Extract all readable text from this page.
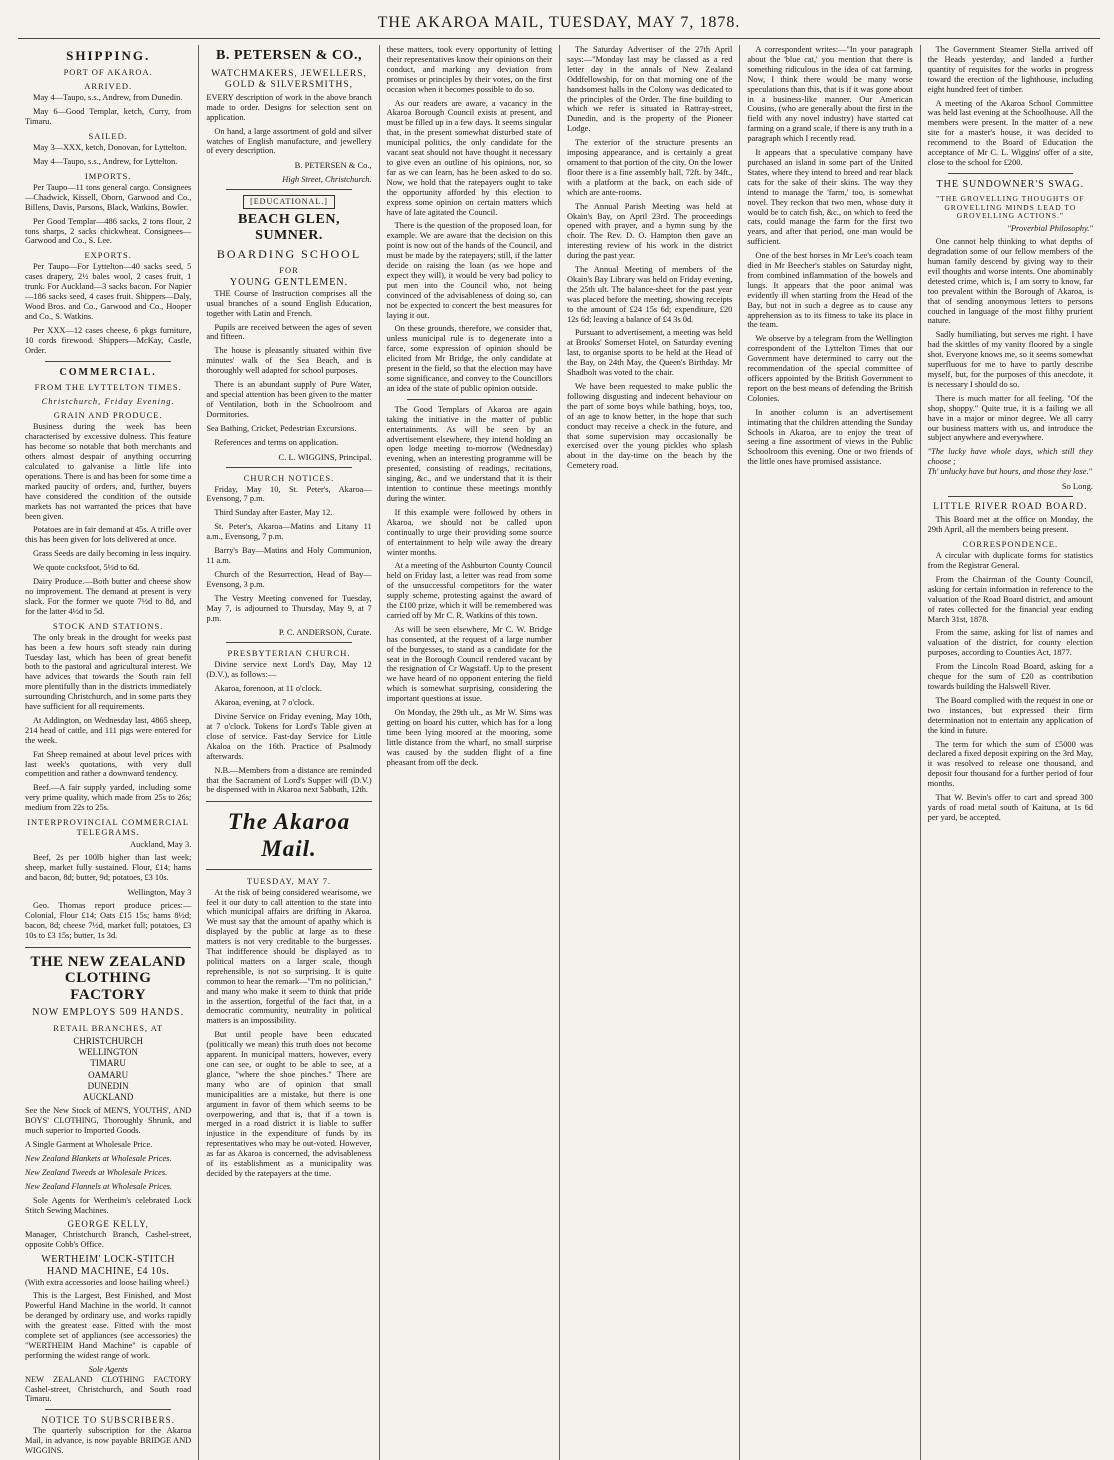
THE AKAROA MAIL, TUESDAY, MAY 7, 1878.
SHIPPING.
PORT OF AKAROA.
ARRIVED.

May 4—Taupo, s.s., Andrew, from Dunedin.

May 6—Good Templar, ketch, Curry, from Timaru.

SAILED.

May 3—XXX, ketch, Donovan, for Lyttelton.

May 4—Taupo, s.s., Andrew, for Lyttelton.

IMPORTS.

Per Taupo—11 tons general cargo. Consignees—Chadwick, Kissell, Oborn, Garwood and Co., Billens, Davis, Parsons, Black, Watkins, Bowler.

Per Good Templar—486 sacks, 2 tons flour, 2 tons sharps, 2 sacks chickwheat. Consignees—Garwood and Co., S. Lee.

EXPORTS.

Per Taupo—For Lyttelton—40 sacks seed, 5 cases drapery, 2½ bales wool, 2 cases fruit, 1 trunk. For Auckland—3 sacks bacon. For Napier—186 sacks seed, 4 cases fruit. Shippers—Daly, Wood Bros. and Co., Garwood and Co., Hooper and Co., S. Watkins.

Per XXX—12 cases cheese, 6 pkgs furniture, 10 cords firewood. Shippers—McKay, Castle, Order.

COMMERCIAL.
FROM THE LYTTELTON TIMES.
Christchurch, Friday Evening.
GRAIN AND PRODUCE.

Business during the week has been characterised by excessive dulness. This feature has become so notable that both merchants and others almost despair of anything occurring calculated to galvanise a little life into operations. There is and has been for some time a marked paucity of orders, and, further, buyers have considered the condition of the outside markets has not warranted the prices that have been given.

Potatoes are in fair demand at 45s. A trifle over this has been given for lots delivered at once.

Grass Seeds are daily becoming in less inquiry.

We quote cocksfoot, 5½d to 6d.

Dairy Produce.—Both butter and cheese show no improvement. The demand at present is very slack. For the former we quote 7½d to 8d, and for the latter 4½d to 5d.

STOCK AND STATIONS.

The only break in the drought for weeks past has been a few hours soft steady rain during Tuesday last, which has been of great benefit both to the pastoral and agricultural interest. We have advices that towards the South rain fell more plentifully than in the districts immediately surrounding Christchurch, and in some parts they have sufficient for all requirements.

At Addington, on Wednesday last, 4865 sheep, 214 head of cattle, and 111 pigs were entered for the week.

Fat Sheep remained at about level prices with last week's quotations, with very dull competition and rather a downward tendency.

Beef.—A fair supply yarded, including some very prime quality, which made from 25s to 26s; medium from 22s to 25s.

INTERPROVINCIAL COMMERCIAL TELEGRAMS.
Auckland, May 3.

Beef, 2s per 100lb higher than last week; sheep, market fully sustained. Flour, £14; hams and bacon, 8d; butter, 9d; potatoes, £3 10s.

Wellington, May 3

Geo. Thomas report produce prices:—Colonial, Flour £14; Oats £15 15s; hams 8½d; bacon, 8d; cheese 7½d, market full; potatoes, £3 10s to £3 15s; butter, 1s 3d.

THE NEW ZEALAND CLOTHING FACTORY
NOW EMPLOYS 509 HANDS.
RETAIL BRANCHES, AT
CHRISTCHURCH
WELLINGTON
TIMARU
OAMARU
DUNEDIN
AUCKLAND

See the New Stock of MEN'S, YOUTHS', AND BOYS' CLOTHING, Thoroughly Shrunk, and much superior to Imported Goods.

A Single Garment at Wholesale Price.

New Zealand Blankets at Wholesale Prices.

New Zealand Tweeds at Wholesale Prices.

New Zealand Flannels at Wholesale Prices.

Sole Agents for Wertheim's celebrated Lock Stitch Sewing Machines.

GEORGE KELLY,

Manager, Christchurch Branch, Cashel-street, opposite Cobb's Office.

WERTHEIM' LOCK-STITCH HAND MACHINE, £4 10s.

(With extra accessories and loose hailing wheel.)

This is the Largest, Best Finished, and Most Powerful Hand Machine in the world. It cannot be deranged by ordinary use, and works rapidly with the greatest ease. Fitted with the most complete set of appliances (see accessories) the "WERTHEIM Hand Machine" is capable of performing the widest range of work.

Sole Agents

NEW ZEALAND CLOTHING FACTORY Cashel-street, Christchurch, and South road Timaru.

NOTICE TO SUBSCRIBERS.

The quarterly subscription for the Akaroa Mail, in advance, is now payable BRIDGE AND WIGGINS.

B. PETERSEN & CO.,
WATCHMAKERS, JEWELLERS, GOLD & SILVERSMITHS,

EVERY description of work in the above branch made to order. Designs for selection sent on application.

On hand, a large assortment of gold and silver watches of English manufacture, and jewellery of every description.

B. PETERSEN & Co.,
High Street, Christchurch.
[EDUCATIONAL.]
BEACH GLEN, SUMNER.
BOARDING SCHOOL
FOR
YOUNG GENTLEMEN.

THE Course of Instruction comprises all the usual branches of a sound English Education, together with Latin and French.

Pupils are received between the ages of seven and fifteen.

The house is pleasantly situated within five minutes' walk of the Sea Beach, and is thoroughly well adapted for school purposes.

There is an abundant supply of Pure Water, and special attention has been given to the matter of Ventilation, both in the Schoolroom and Dormitories.

Sea Bathing, Cricket, Pedestrian Excursions.

References and terms on application.

C. L. WIGGINS, Principal.
CHURCH NOTICES.

Friday, May 10, St. Peter's, Akaroa—Evensong, 7 p.m.

Third Sunday after Easter, May 12.

St. Peter's, Akaroa—Matins and Litany 11 a.m., Evensong, 7 p.m.

Barry's Bay—Matins and Holy Communion, 11 a.m.

Church of the Resurrection, Head of Bay—Evensong, 3 p.m.

The Vestry Meeting convened for Tuesday, May 7, is adjourned to Thursday, May 9, at 7 p.m.

P. C. ANDERSON, Curate.
PRESBYTERIAN CHURCH.

Divine service next Lord's Day, May 12 (D.V.), as follows:—

Akaroa, forenoon, at 11 o'clock.

Akaroa, evening, at 7 o'clock.

Divine Service on Friday evening, May 10th, at 7 o'clock. Tokens for Lord's Table given at close of service. Fast-day Service for Little Akaloa on the 16th. Practice of Psalmody afterwards.

N.B.—Members from a distance are reminded that the Sacrament of Lord's Supper will (D.V.) be dispensed with in Akaroa next Sabbath, 12th.

The Akaroa Mail.
TUESDAY, MAY 7.

At the risk of being considered wearisome, we feel it our duty to call attention to the state into which municipal affairs are drifting in Akaroa. We must say that the amount of apathy which is displayed by the public at large as to these matters is not very creditable to the burgesses. That indifference should be displayed as to political matters on a larger scale, though reprehensible, is not so surprising. It is quite common to hear the remark—"I'm no politician," and many who make it seem to think that pride in the assertion, forgetful of the fact that, in a democratic community, neutrality in political matters is an impossibility.

But until people have been educated (politically we mean) this truth does not become apparent. In municipal matters, however, every one can see, or ought to be able to see, at a glance, "where the shoe pinches." There are many who are of opinion that small municipalities are a mistake, but there is one argument in favor of them which seems to be overpowering, and that is, that if a town is merged in a road district it is liable to suffer injustice in the expenditure of funds by its representatives who may be out-voted. However, as far as Akaroa is concerned, the advisableness of its establishment as a municipality was decided by the ratepayers at the time.

these matters, took every opportunity of letting their representatives know their opinions on their conduct, and marking any deviation from promises or principles by their votes, on the first occasion when it becomes possible to do so.

As our readers are aware, a vacancy in the Akaroa Borough Council exists at present, and must be filled up in a few days. It seems singular that, in the present somewhat disturbed state of municipal politics, the only candidate for the vacant seat should not have thought it necessary to give even an outline of his opinions, nor, so far as we can learn, has he been asked to do so. Now, we hold that the ratepayers ought to take the opportunity afforded by this election to express some opinion on certain matters which have of late agitated the Council.

There is the question of the proposed loan, for example. We are aware that the decision on this point is now out of the hands of the Council, and must be made by the ratepayers; still, if the latter decide on raising the loan (as we hope and expect they will), it would be very bad policy to put men into the Council who, not being convinced of the advisableness of doing so, can not be expected to concert the best measures for laying it out.

On these grounds, therefore, we consider that, unless municipal rule is to degenerate into a farce, some expression of opinion should be elicited from Mr Bridge, the only candidate at present in the field, so that the election may have some significance, and convey to the Councillors an idea of the state of public opinion outside.

The Good Templars of Akaroa are again taking the initiative in the matter of public entertainments. As will be seen by an advertisement elsewhere, they intend holding an open lodge meeting to-morrow (Wednesday) evening, when an interesting programme will be presented, consisting of readings, recitations, singing, &c., and we understand that it is their intention to continue these meetings monthly during the winter.

If this example were followed by others in Akaroa, we should not be called upon continually to urge their providing some source of entertainment to help wile away the dreary winter months.

At a meeting of the Ashburton County Council held on Friday last, a letter was read from some of the unsuccessful competitors for the water supply scheme, protesting against the award of the £100 prize, which it will be remembered was carried off by Mr C. R. Watkins of this town.

As will be seen elsewhere, Mr C. W. Bridge has consented, at the request of a large number of the burgesses, to stand as a candidate for the seat in the Borough Council rendered vacant by the resignation of Cr Wagstaff. Up to the present we have heard of no opponent entering the field which is somewhat surprising, considering the important questions at issue.

On Monday, the 29th ult., as Mr W. Sims was getting on board his cutter, which has for a long time been lying moored at the mooring, some little distance from the wharf, no small surprise was caused by the sudden flight of a fine pheasant from off the deck.

The Saturday Advertiser of the 27th April says:—"Monday last may be classed as a red letter day in the annals of New Zealand Oddfellowship, for on that morning one of the handsomest halls in the Colony was dedicated to the principles of the Order. The fine building to which we refer is situated in Rattray-street, Dunedin, and is the property of the Pioneer Lodge.

The exterior of the structure presents an imposing appearance, and is certainly a great ornament to that portion of the city. On the lower floor there is a fine assembly hall, 72ft. by 34ft., with a platform at the back, on each side of which are ante-rooms.

The Annual Parish Meeting was held at Okain's Bay, on April 23rd. The proceedings opened with prayer, and a hymn sung by the choir. The Rev. D. O. Hampton then gave an interesting review of his work in the district during the past year.

The Annual Meeting of members of the Okain's Bay Library was held on Friday evening, the 25th ult. The balance-sheet for the past year was placed before the meeting, showing receipts to the amount of £24 15s 6d; expenditure, £20 12s 6d; leaving a balance of £4 3s 0d.

Pursuant to advertisement, a meeting was held at Brooks' Somerset Hotel, on Saturday evening last, to organise sports to be held at the Head of the Bay, on 24th May, the Queen's Birthday. Mr Shadbolt was voted to the chair.

We have been requested to make public the following disgusting and indecent behaviour on the part of some boys while bathing, boys, too, of an age to know better, in the hope that such conduct may receive a check in the future, and that some supervision may occasionally be exercised over the young pickles who splash about in the day-time on the beach by the Cemetery road.

A correspondent writes:—"In your paragraph about the 'blue cat,' you mention that there is something ridiculous in the idea of cat farming. Now, I think there would be many worse speculations than this, that is if it was gone about in a business-like manner. Our American Cousins, (who are generally about the first in the field with any novel industry) have started cat farming on a grand scale, if there is any truth in a paragraph which I recently read.

It appears that a speculative company have purchased an island in some part of the United States, where they intend to breed and rear black cats for the sake of their skins. The way they intend to manage the 'farm,' too, is somewhat novel. They reckon that two men, whose duty it would be to catch fish, &c., on which to feed the cats, could manage the farm for the first two years, and after that period, one man would be sufficient.

One of the best horses in Mr Lee's coach team died in Mr Beecher's stables on Saturday night, from combined inflammation of the bowels and lungs. It appears that the poor animal was evidently ill when starting from the Head of the Bay, but not in such a degree as to cause any apprehension as to its fitness to take its place in the team.

We observe by a telegram from the Wellington correspondent of the Lyttelton Times that our Government have determined to carry out the recommendation of the special committee of officers appointed by the British Government to report on the best means of defending the British Colonies.

In another column is an advertisement intimating that the children attending the Sunday Schools in Akaroa, are to enjoy the treat of seeing a fine assortment of views in the Public Schoolroom this evening. One or two friends of the little ones have promised assistance.

The Government Steamer Stella arrived off the Heads yesterday, and landed a further quantity of requisites for the works in progress toward the erection of the lighthouse, including eight hundred feet of timber.

A meeting of the Akaroa School Committee was held last evening at the Schoolhouse. All the members were present. In the matter of a new site for a master's house, it was decided to recommend to the Board of Education the acceptance of Mr C. L. Wiggins' offer of a site, close to the school for £200.

THE SUNDOWNER'S SWAG.
"THE GROVELLING THOUGHTS OF GROVELLING MINDS LEAD TO GROVELLING ACTIONS."
"Proverbial Philosophy."

One cannot help thinking to what depths of degradation some of our fellow members of the human family descend by giving way to their evil thoughts and worse intents. One abominably detested crime, which is, I am sorry to know, far too prevalent within the Borough of Akaroa, is that of sending anonymous letters to persons couched in language of the most filthy prurient nature.

Sadly humiliating, but serves me right. I have had the skittles of my vanity floored by a single shot. Everyone knows me, so it seems somewhat superfluous for me to have to partly describe myself, but, for the purposes of this anecdote, it is necessary I should do so.

There is much matter for all feeling. "Of the shop, shoppy." Quite true, it is a failing we all have in a major or minor degree. We all carry our business matters with us, and introduce the subject anywhere and everywhere.

"The lucky have whole days, which still they choose ;
Th' unlucky have but hours, and those they lose."

So Long.
LITTLE RIVER ROAD BOARD.

This Board met at the office on Monday, the 29th April, all the members being present.

CORRESPONDENCE.

A circular with duplicate forms for statistics from the Registrar General.

From the Chairman of the County Council, asking for certain information in reference to the valuation of the Road Board district, and amount of rates collected for the financial year ending March 31st, 1878.

From the same, asking for list of names and valuation of the district, for county election purposes, according to Counties Act, 1877.

From the Lincoln Road Board, asking for a cheque for the sum of £20 as contribution towards building the Halswell River.

The Board complied with the request in one or two instances, but expressed their firm determination not to entertain any application of the kind in future.

The term for which the sum of £5000 was declared a fixed deposit expiring on the 3rd May, it was resolved to release one thousand, and deposit four thousand for a further period of four months.

That W. Bevin's offer to cart and spread 300 yards of road metal south of Kaituna, at 1s 6d per yard, be accepted.
